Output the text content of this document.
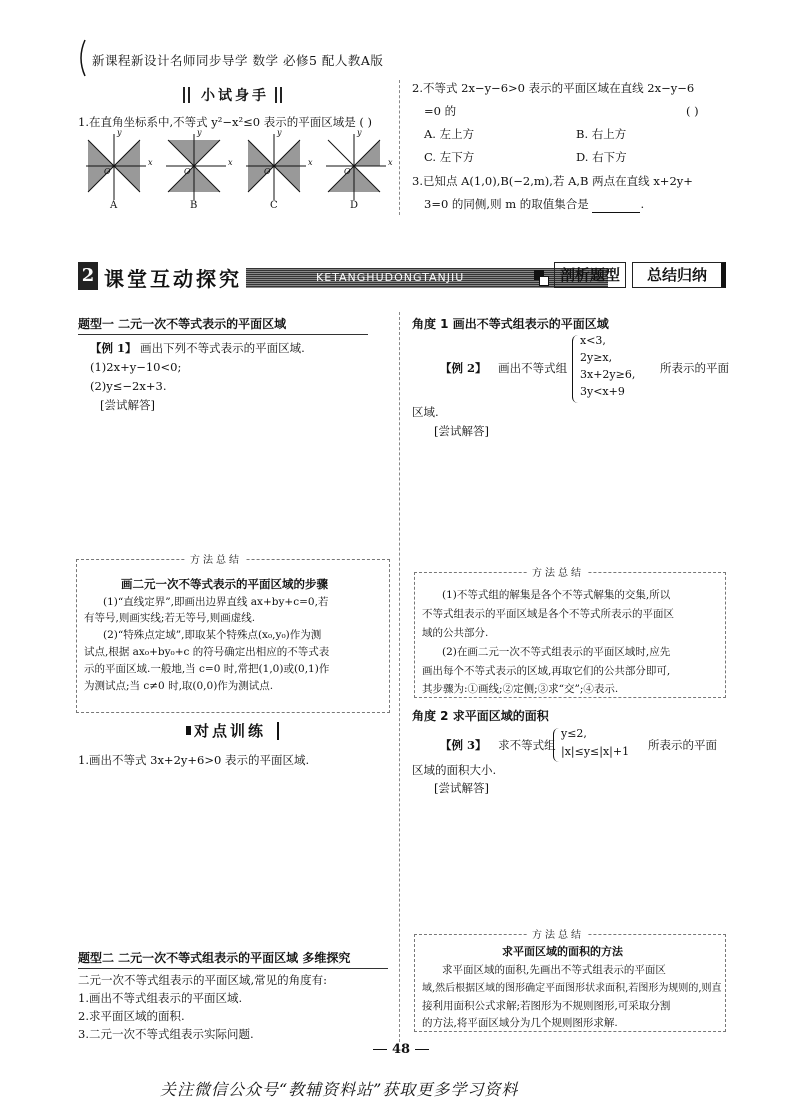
新课程新设计名师同步导学 数学 必修5 配人教A版
小试身手
1.在直角坐标系中,不等式 y²−x²≤0 表示的平面区域是 ( )
y
O
y
O
y
O
y
O
x	x	x	x
A	B	C	D
2.不等式 2x−y−6>0 表示的平面区域在直线 2x−y−6
=0 的	( )
A. 左上方	B. 右上方
C. 左下方	D. 右下方
3.已知点 A(1,0),B(−2,m),若 A,B 两点在直线 x+2y+
3=0 的同侧,则 m 的取值集合是	.
2 课堂互动探究	KETANGHUDONGTANJIU	剖析题型	总结归纳
题型一 二元一次不等式表示的平面区域
【例 1】 画出下列不等式表示的平面区域.
(1)2x+y−10<0;
(2)y≤−2x+3.
[尝试解答]
方法总结
画二元一次不等式表示的平面区域的步骤
(1)“直线定界”,即画出边界直线 ax+by+c=0,若
有等号,则画实线;若无等号,则画虚线.
(2)“特殊点定域”,即取某个特殊点(x₀,y₀)作为测
试点,根据 ax₀+by₀+c 的符号确定出相应的不等式表
示的平面区域.一般地,当 c=0 时,常把(1,0)或(0,1)作
为测试点;当 c≠0 时,取(0,0)作为测试点.
对点训练
1.画出不等式 3x+2y+6>0 表示的平面区域.
题型二 二元一次不等式组表示的平面区域 多维探究
二元一次不等式组表示的平面区域,常见的角度有:
1.画出不等式组表示的平面区域.
2.求平面区域的面积.
3.二元一次不等式组表示实际问题.
角度 1 画出不等式组表示的平面区域
【例 2】 画出不等式组
x<3,
2y≥x,
3x+2y≥6,
3y<x+9
所表示的平面
区域.
[尝试解答]
方法总结
(1)不等式组的解集是各个不等式解集的交集,所以
不等式组表示的平面区域是各个不等式所表示的平面区
域的公共部分.
(2)在画二元一次不等式组表示的平面区域时,应先
画出每个不等式表示的区域,再取它们的公共部分即可,
其步骤为:①画线;②定侧;③求“交”;④表示.
角度 2 求平面区域的面积
【例 3】 求不等式组
y≤2,
|x|≤y≤|x|+1 所表示的平面
区域的面积大小.
[尝试解答]
方法总结
求平面区域的面积的方法
求平面区域的面积,先画出不等式组表示的平面区
域,然后根据区域的图形确定平面图形状求面积,若图形为规则的,则直
接利用面积公式求解;若图形为不规则图形,可采取分割
的方法,将平面区域分为几个规则图形求解.
48
关注微信公众号“教辅资料站”获取更多学习资料
